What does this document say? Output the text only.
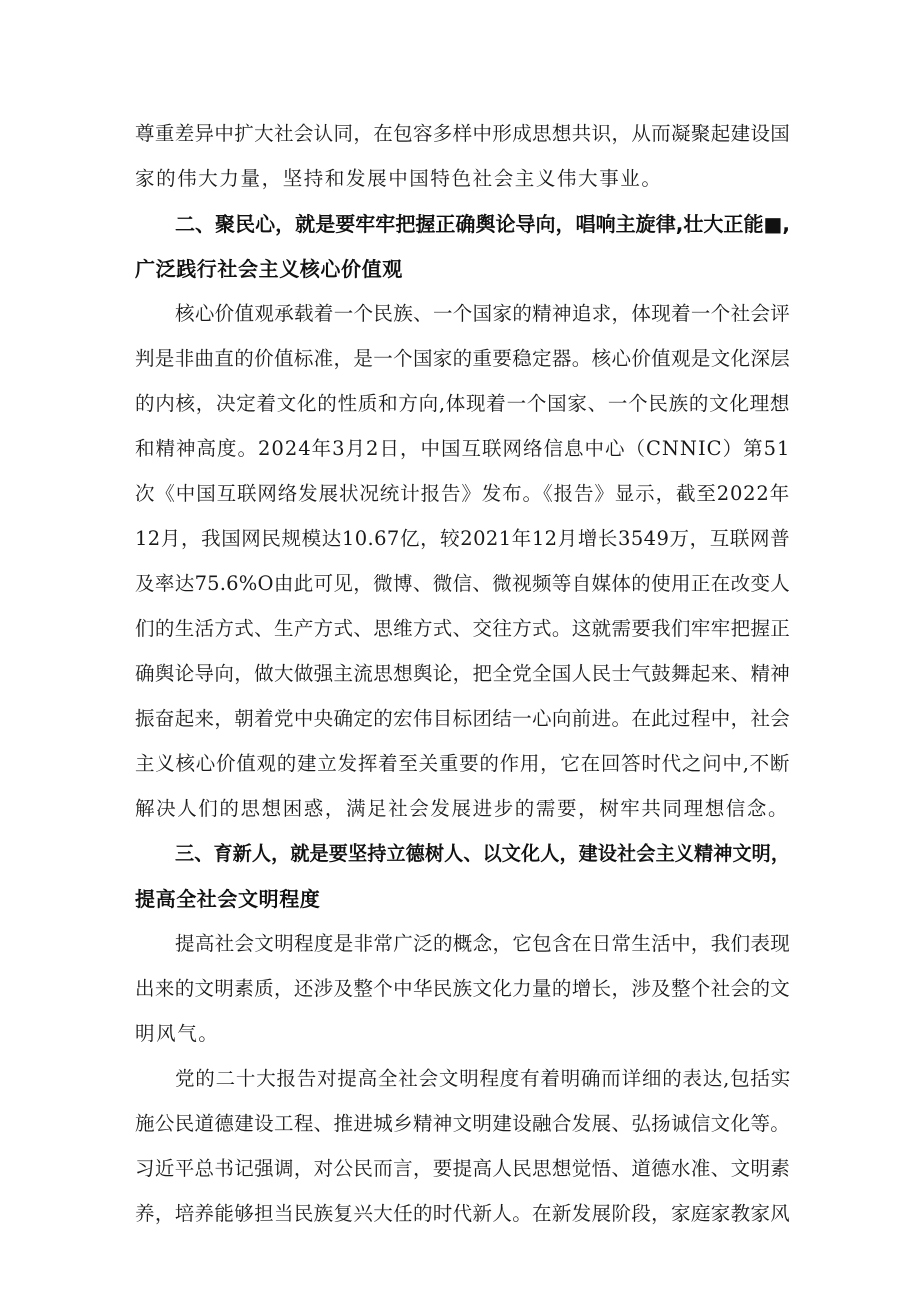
尊重差异中扩大社会认同，在包容多样中形成思想共识，从而凝聚起建设国
家的伟大力量，坚持和发展中国特色社会主义伟大事业。
二、聚民心，就是要牢牢把握正确舆论导向，唱响主旋律,壮大正能■,
广泛践行社会主义核心价值观
核心价值观承载着一个民族、一个国家的精神追求，体现着一个社会评
判是非曲直的价值标准，是一个国家的重要稳定器。核心价值观是文化深层
的内核，决定着文化的性质和方向,体现着一个国家、一个民族的文化理想
和精神高度。2024年3月2日，中国互联网络信息中心（CNNIC）第51
次《中国互联网络发展状况统计报告》发布。《报告》显示，截至2022年
12月，我国网民规模达10.67亿，较2021年12月增长3549万，互联网普
及率达75.6%O由此可见，微博、微信、微视频等自媒体的使用正在改变人
们的生活方式、生产方式、思维方式、交往方式。这就需要我们牢牢把握正
确舆论导向，做大做强主流思想舆论，把全党全国人民士气鼓舞起来、精神
振奋起来，朝着党中央确定的宏伟目标团结一心向前进。在此过程中，社会
主义核心价值观的建立发挥着至关重要的作用，它在回答时代之问中,不断
解决人们的思想困惑，满足社会发展进步的需要，树牢共同理想信念。
三、育新人，就是要坚持立德树人、以文化人，建设社会主义精神文明，
提高全社会文明程度
提高社会文明程度是非常广泛的概念，它包含在日常生活中，我们表现
出来的文明素质，还涉及整个中华民族文化力量的增长，涉及整个社会的文
明风气。
党的二十大报告对提高全社会文明程度有着明确而详细的表达,包括实
施公民道德建设工程、推进城乡精神文明建设融合发展、弘扬诚信文化等。
习近平总书记强调，对公民而言，要提高人民思想觉悟、道德水准、文明素
养，培养能够担当民族复兴大任的时代新人。在新发展阶段，家庭家教家风
